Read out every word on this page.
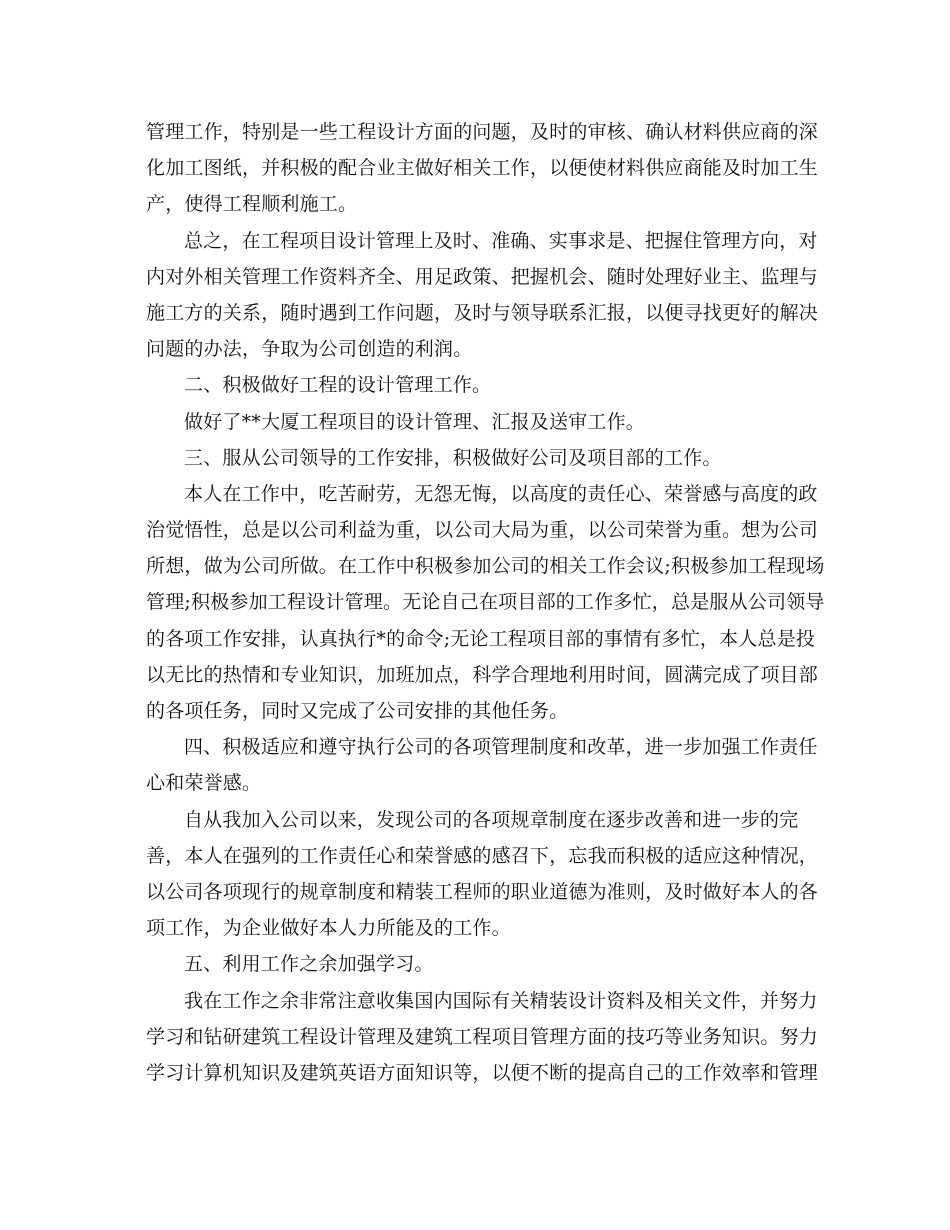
管理工作，特别是一些工程设计方面的问题，及时的审核、确认材料供应商的深
化加工图纸，并积极的配合业主做好相关工作，以便使材料供应商能及时加工生
产，使得工程顺利施工。
总之，在工程项目设计管理上及时、准确、实事求是、把握住管理方向，对
内对外相关管理工作资料齐全、用足政策、把握机会、随时处理好业主、监理与
施工方的关系，随时遇到工作问题，及时与领导联系汇报，以便寻找更好的解决
问题的办法，争取为公司创造的利润。
二、积极做好工程的设计管理工作。
做好了**大厦工程项目的设计管理、汇报及送审工作。
三、服从公司领导的工作安排，积极做好公司及项目部的工作。
本人在工作中，吃苦耐劳，无怨无悔，以高度的责任心、荣誉感与高度的政
治觉悟性，总是以公司利益为重，以公司大局为重，以公司荣誉为重。想为公司
所想，做为公司所做。在工作中积极参加公司的相关工作会议;积极参加工程现场
管理;积极参加工程设计管理。无论自己在项目部的工作多忙，总是服从公司领导
的各项工作安排，认真执行*的命令;无论工程项目部的事情有多忙，本人总是投
以无比的热情和专业知识，加班加点，科学合理地利用时间，圆满完成了项目部
的各项任务，同时又完成了公司安排的其他任务。
四、积极适应和遵守执行公司的各项管理制度和改革，进一步加强工作责任
心和荣誉感。
自从我加入公司以来，发现公司的各项规章制度在逐步改善和进一步的完
善，本人在强列的工作责任心和荣誉感的感召下，忘我而积极的适应这种情况，
以公司各项现行的规章制度和精装工程师的职业道德为准则，及时做好本人的各
项工作，为企业做好本人力所能及的工作。
五、利用工作之余加强学习。
我在工作之余非常注意收集国内国际有关精装设计资料及相关文件，并努力
学习和钻研建筑工程设计管理及建筑工程项目管理方面的技巧等业务知识。努力
学习计算机知识及建筑英语方面知识等，以便不断的提高自己的工作效率和管理
